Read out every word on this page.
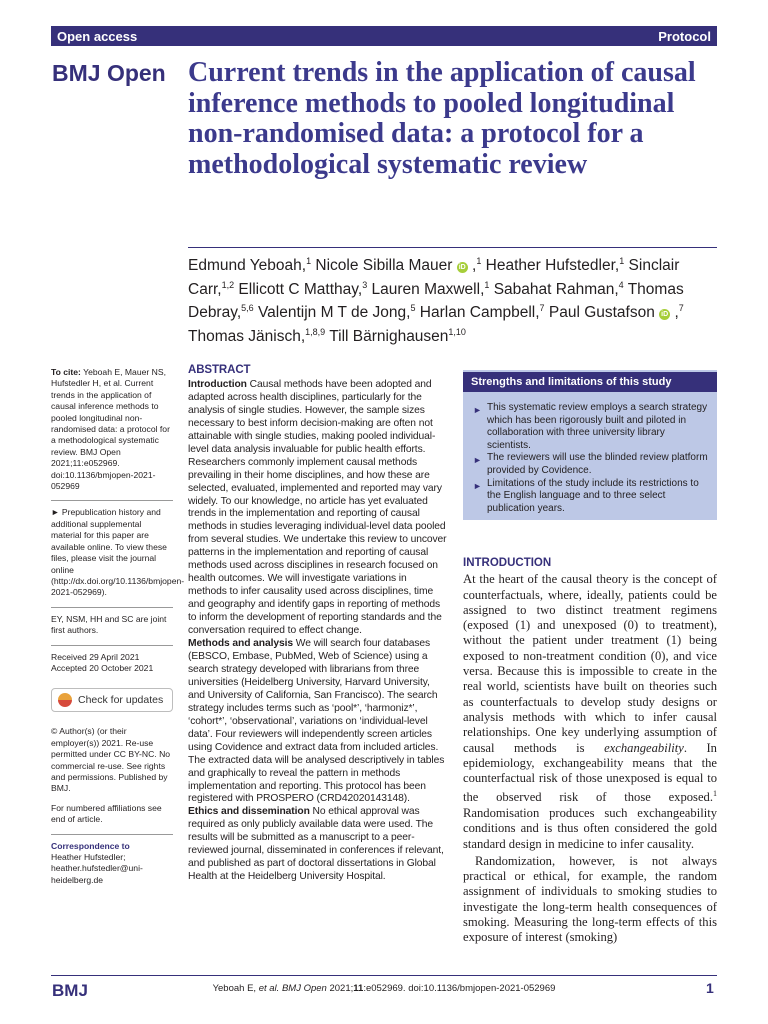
Open access	Protocol
BMJ Open Current trends in the application of causal inference methods to pooled longitudinal non-randomised data: a protocol for a methodological systematic review
Edmund Yeboah,$^1$ Nicole Sibilla Mauer iD ,$^1$ Heather Hufstedler,$^1$ Sinclair Carr,$^{1,2}$ Ellicott C Matthay,$^3$ Lauren Maxwell,$^1$ Sabahat Rahman,$^4$ Thomas Debray,$^{5,6}$ Valentijn M T de Jong,$^5$ Harlan Campbell,$^7$ Paul Gustafson iD ,$^7$ Thomas Jänisch,$^{1,8,9}$ Till Bärnighausen$^{1,10}$

To cite: Yeboah E, Mauer NS, Hufstedler H, et al. Current trends in the application of causal inference methods to pooled longitudinal non-randomised data: a protocol for a methodological systematic review. BMJ Open 2021;11:e052969. doi:10.1136/bmjopen-2021-052969

► Prepublication history and additional supplemental material for this paper are available online. To view these files, please visit the journal online (http://dx.doi.org/10.1136/bmjopen-2021-052969).

EY, NSM, HH and SC are joint first authors.

Received 29 April 2021

Accepted 20 October 2021

Check for updates

© Author(s) (or their employer(s)) 2021. Re-use permitted under CC BY-NC. No commercial re-use. See rights and permissions. Published by BMJ.

For numbered affiliations see end of article.

Correspondence to
Heather Hufstedler;
heather.hufstedler@uni-heidelberg.de

ABSTRACT

Introduction Causal methods have been adopted and adapted across health disciplines, particularly for the analysis of single studies. However, the sample sizes necessary to best inform decision-making are often not attainable with single studies, making pooled individual-level data analysis invaluable for public health efforts. Researchers commonly implement causal methods prevailing in their home disciplines, and how these are selected, evaluated, implemented and reported may vary widely. To our knowledge, no article has yet evaluated trends in the implementation and reporting of causal methods in studies leveraging individual-level data pooled from several studies. We undertake this review to uncover patterns in the implementation and reporting of causal methods used across disciplines in research focused on health outcomes. We will investigate variations in methods to infer causality used across disciplines, time and geography and identify gaps in reporting of methods to inform the development of reporting standards and the conversation required to effect change.

Methods and analysis We will search four databases (EBSCO, Embase, PubMed, Web of Science) using a search strategy developed with librarians from three universities (Heidelberg University, Harvard University, and University of California, San Francisco). The search strategy includes terms such as ‘pool*’, ‘harmoniz*’, ‘cohort*’, ‘observational’, variations on ‘individual-level data’. Four reviewers will independently screen articles using Covidence and extract data from included articles. The extracted data will be analysed descriptively in tables and graphically to reveal the pattern in methods implementation and reporting. This protocol has been registered with PROSPERO (CRD42020143148).

Ethics and dissemination No ethical approval was required as only publicly available data were used. The results will be submitted as a manuscript to a peer-reviewed journal, disseminated in conferences if relevant, and published as part of doctoral dissertations in Global Health at the Heidelberg University Hospital.

Strengths and limitations of this study
► This systematic review employs a search strategy which has been rigorously built and piloted in collaboration with three university library scientists.
► The reviewers will use the blinded review platform provided by Covidence.
► Limitations of the study include its restrictions to the English language and to three select publication years.
INTRODUCTION

At the heart of the causal theory is the concept of counterfactuals, where, ideally, patients could be assigned to two distinct treatment regimens (exposed (1) and unexposed (0) to treatment), without the patient under treatment (1) being exposed to non-treatment condition (0), and vice versa. Because this is impossible to create in the real world, scientists have built on theories such as counterfactuals to develop study designs or analysis methods with which to infer causal relationships. One key underlying assumption of causal methods is exchangeability. In epidemiology, exchangeability means that the counterfactual risk of those unexposed is equal to the observed risk of those exposed.$^1$ Randomisation produces such exchangeability conditions and is thus often considered the gold standard design in medicine to infer causality.

Randomization, however, is not always practical or ethical, for example, the random assignment of individuals to smoking studies to investigate the long-term health consequences of smoking. Measuring the long-term effects of this exposure of interest (smoking)

BMJ	Yeboah E, et al. BMJ Open 2021;11:e052969. doi:10.1136/bmjopen-2021-052969	1
